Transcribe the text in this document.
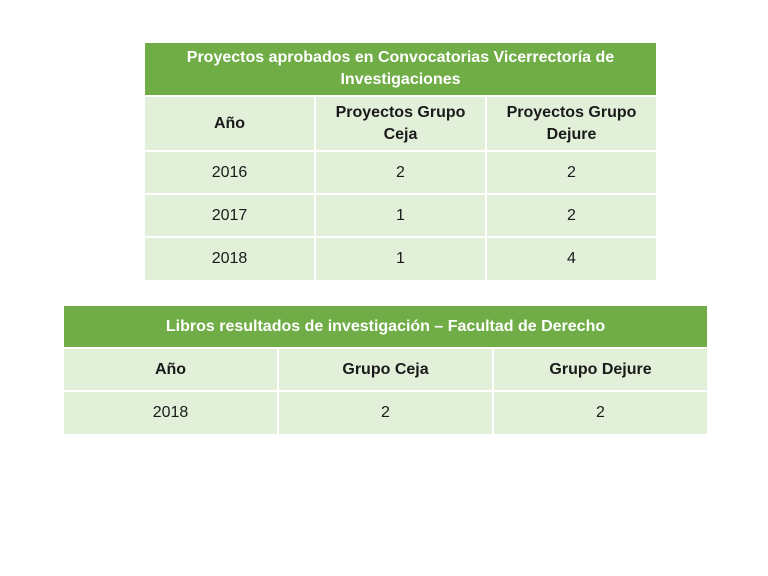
Proyectos aprobados en Convocatorias Vicerrectoría de Investigaciones		
Año	Proyectos Grupo Ceja	Proyectos Grupo Dejure
2016	2	2
2017	1	2
2018	1	4
Libros resultados de investigación – Facultad de Derecho		
Año	Grupo Ceja	Grupo Dejure
2018	2	2
